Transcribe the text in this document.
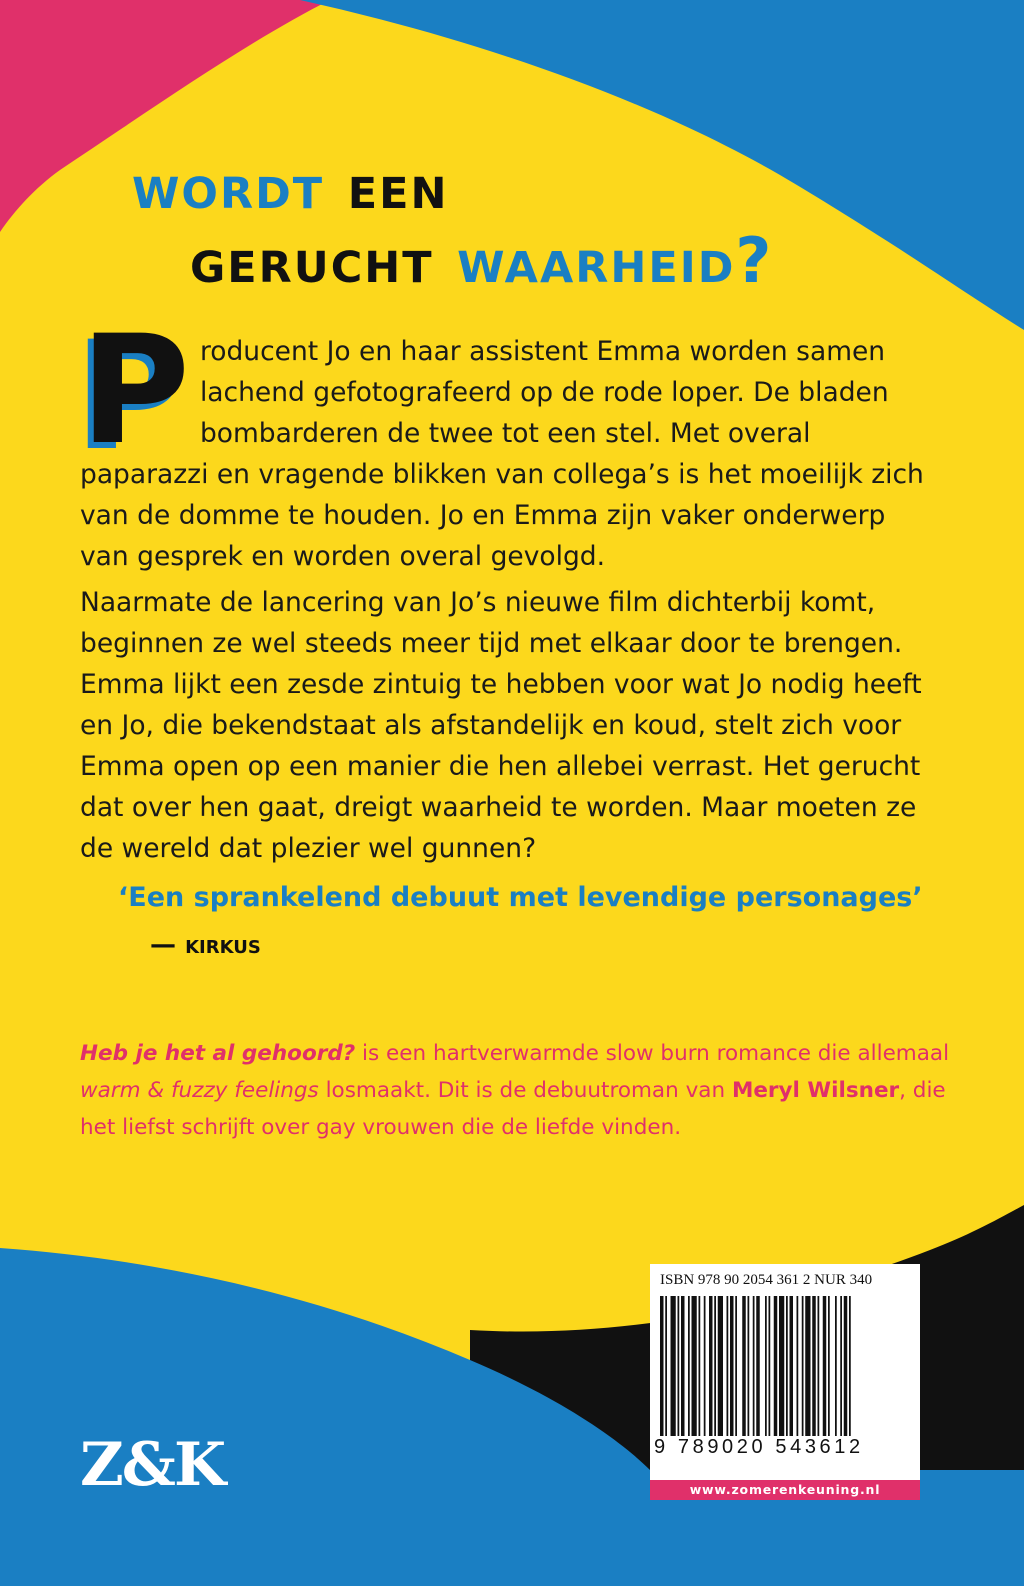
wordt een
gerucht waarheid?

Producent Jo en haar assistent Emma worden samen lachend gefotografeerd op de rode loper. De bladen bombarderen de twee tot een stel. Met overal paparazzi en vragende blikken van collega’s is het moeilijk zich van de domme te houden. Jo en Emma zijn vaker onderwerp van gesprek en worden overal gevolgd.

Naarmate de lancering van Jo’s nieuwe film dichterbij komt, beginnen ze wel steeds meer tijd met elkaar door te brengen. Emma lijkt een zesde zintuig te hebben voor wat Jo nodig heeft en Jo, die bekendstaat als afstandelijk en koud, stelt zich voor Emma open op een manier die hen allebei verrast. Het gerucht dat over hen gaat, dreigt waarheid te worden. Maar moeten ze de wereld dat plezier wel gunnen?

‘Een sprankelend debuut met levendige personages’

— kirkus

Heb je het al gehoord? is een hartverwarmde slow burn romance die allemaal warm & fuzzy feelings losmaakt. Dit is de debuutroman van Meryl Wilsner, die het liefst schrijft over gay vrouwen die de liefde vinden.

ISBN 978 90 2054 361 2 NUR 340
9 789020 543612
www.zomerenkeuning.nl
Z&K
